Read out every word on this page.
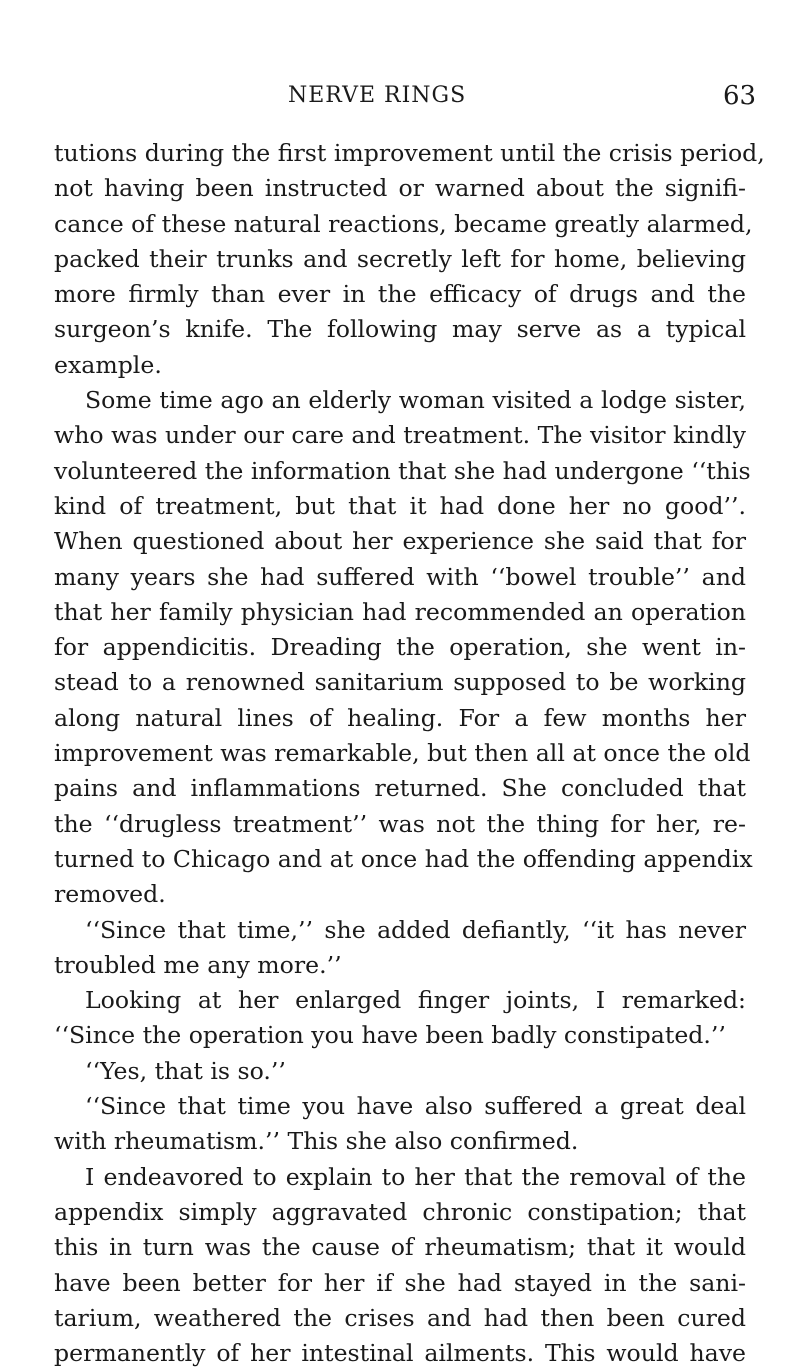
NERVE RINGS	63
tutions during the first improvement until the crisis period,
not having been instructed or warned about the signifi-
cance of these natural reactions, became greatly alarmed,
packed their trunks and secretly left for home, believing
more firmly than ever in the efficacy of drugs and the
surgeon’s knife. The following may serve as a typical
example.
Some time ago an elderly woman visited a lodge sister,
who was under our care and treatment. The visitor kindly
volunteered the information that she had undergone ‘‘this
kind of treatment, but that it had done her no good’’.
When questioned about her experience she said that for
many years she had suffered with ‘‘bowel trouble’’ and
that her family physician had recommended an operation
for appendicitis. Dreading the operation, she went in-
stead to a renowned sanitarium supposed to be working
along natural lines of healing. For a few months her
improvement was remarkable, but then all at once the old
pains and inflammations returned. She concluded that
the ‘‘drugless treatment’’ was not the thing for her, re-
turned to Chicago and at once had the offending appendix
removed.
‘‘Since that time,’’ she added defiantly, ‘‘it has never
troubled me any more.’’
Looking at her enlarged finger joints, I remarked:
‘‘Since the operation you have been badly constipated.’’
‘‘Yes, that is so.’’
‘‘Since that time you have also suffered a great deal
with rheumatism.’’ This she also confirmed.
I endeavored to explain to her that the removal of the
appendix simply aggravated chronic constipation; that
this in turn was the cause of rheumatism; that it would
have been better for her if she had stayed in the sani-
tarium, weathered the crises and had then been cured
permanently of her intestinal ailments. This would have
